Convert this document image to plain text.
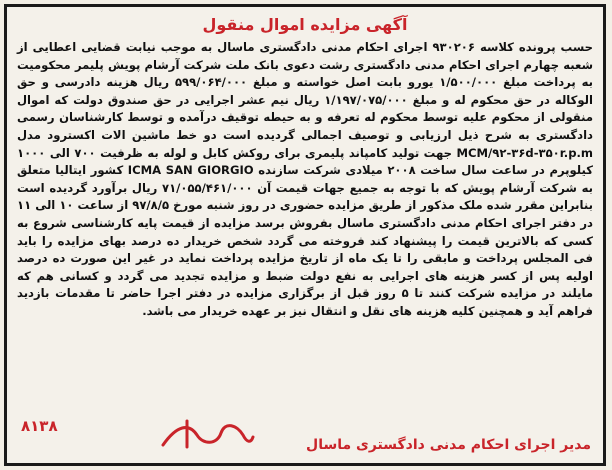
آگهی مزایده اموال منقول
حسب پرونده کلاسه ۹۳۰۲۰۶ اجرای احکام مدنی دادگستری ماسال به موجب نیابت قضایی اعطایی از شعبه چهارم اجرای احکام مدنی دادگستری رشت دعوی بانک ملت شرکت آرشام پویش پلیمر محکومیت به پرداخت مبلغ ۱/۵۰۰/۰۰۰ یورو بابت اصل خواسته و مبلغ ۵۹۹/۰۶۴/۰۰۰ ریال هزینه دادرسی و حق الوکاله در حق محکوم له و مبلغ ۱/۱۹۷/۰۷۵/۰۰۰ ریال نیم عشر اجرایی در حق صندوق دولت که اموال منقولی از محکوم علیه توسط محکوم له تعرفه و به حیطه توقیف درآمده و توسط کارشناسان رسمی دادگستری به شرح ذیل ارزیابی و توصیف اجمالی گردیده است دو خط ماشین الات اکسترود مدل MCM/۹۲-۳۶d-۳۵۰r.p.m جهت تولید کامپاند پلیمری برای روکش کابل و لوله به ظرفیت ۷۰۰ الی ۱۰۰۰ کیلوپرم در ساعت سال ساخت ۲۰۰۸ میلادی شرکت سازنده ICMA SAN GIORGIO کشور ایتالیا متعلق به شرکت آرشام پویش که با توجه به جمیع جهات قیمت آن ۷۱/۰۵۵/۴۶۱/۰۰۰ ریال برآورد گردیده است بنابراین مقرر شده ملک مذکور از طریق مزایده حضوری در روز شنبه مورخ ۹۷/۸/۵ از ساعت ۱۰ الی ۱۱ در دفتر اجرای احکام مدنی دادگستری ماسال بفروش برسد مزایده از قیمت پایه کارشناسی شروع به کسی که بالاترین قیمت را پیشنهاد کند فروخته می گردد شخص خریدار ده درصد بهای مزایده را باید فی المجلس پرداخت و مابقی را تا یک ماه از تاریخ مزایده پرداخت نماید در غیر این صورت ده درصد اولیه پس از کسر هزینه های اجرایی به نفع دولت ضبط و مزایده تجدید می گردد و کسانی هم که مایلند در مزایده شرکت کنند تا ۵ روز قبل از برگزاری مزایده در دفتر اجرا حاضر تا مقدمات بازدید فراهم آید و همچنین کلیه هزینه های نقل و انتقال نیز بر عهده خریدار می باشد.
۸۱۳۸
مدیر اجرای احکام مدنی دادگستری ماسال
